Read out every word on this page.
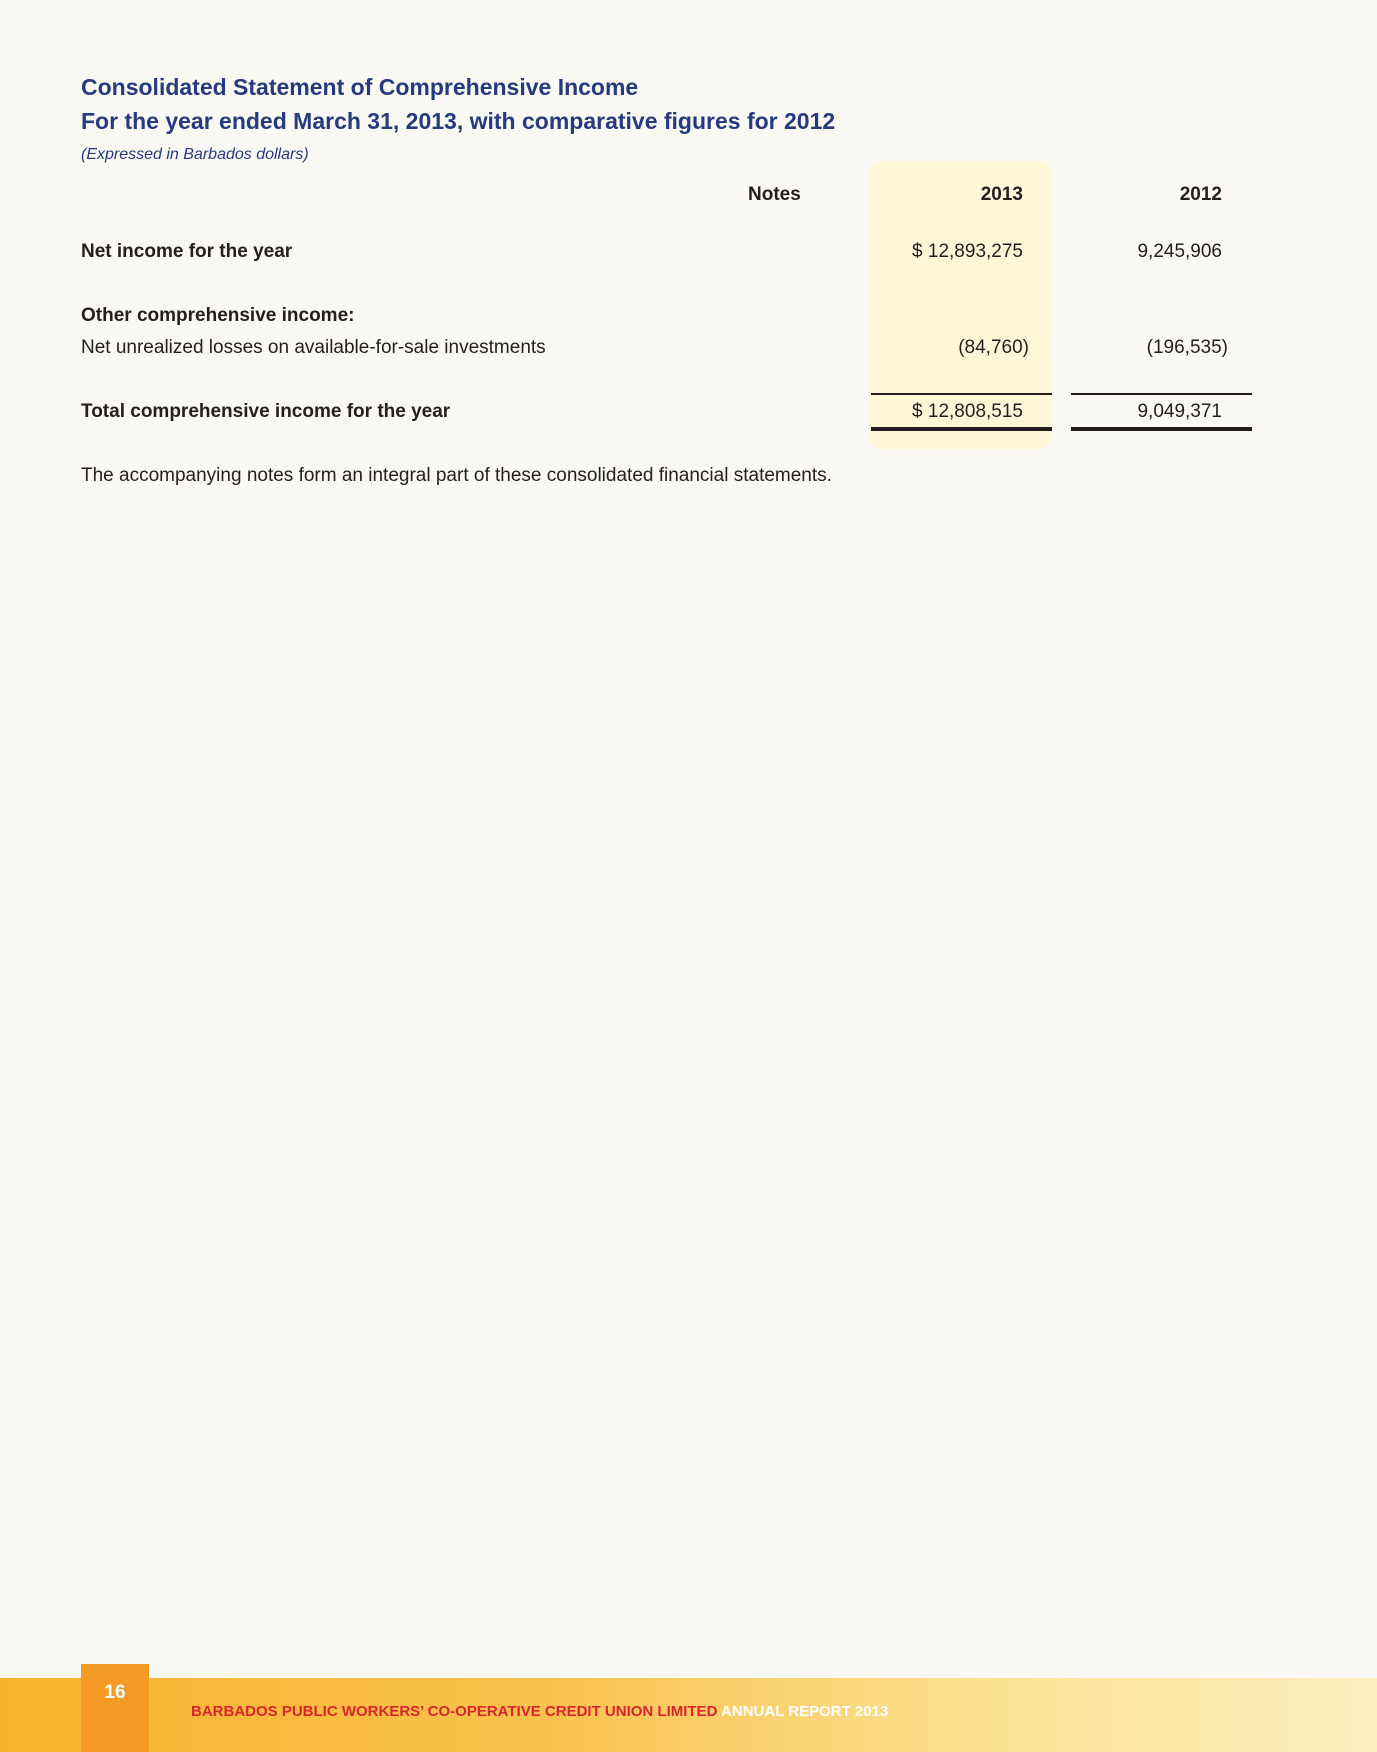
Consolidated Statement of Comprehensive Income
For the year ended March 31, 2013, with comparative figures for 2012
(Expressed in Barbados dollars)
Notes	2013	2012
Net income for the year	$ 12,893,275	9,245,906
Other comprehensive income:
Net unrealized losses on available-for-sale investments	(84,760)	(196,535)
Total comprehensive income for the year	$ 12,808,515	9,049,371
The accompanying notes form an integral part of these consolidated financial statements.
16
BARBADOS PUBLIC WORKERS’ CO-OPERATIVE CREDIT UNION LIMITED ANNUAL REPORT 2013
